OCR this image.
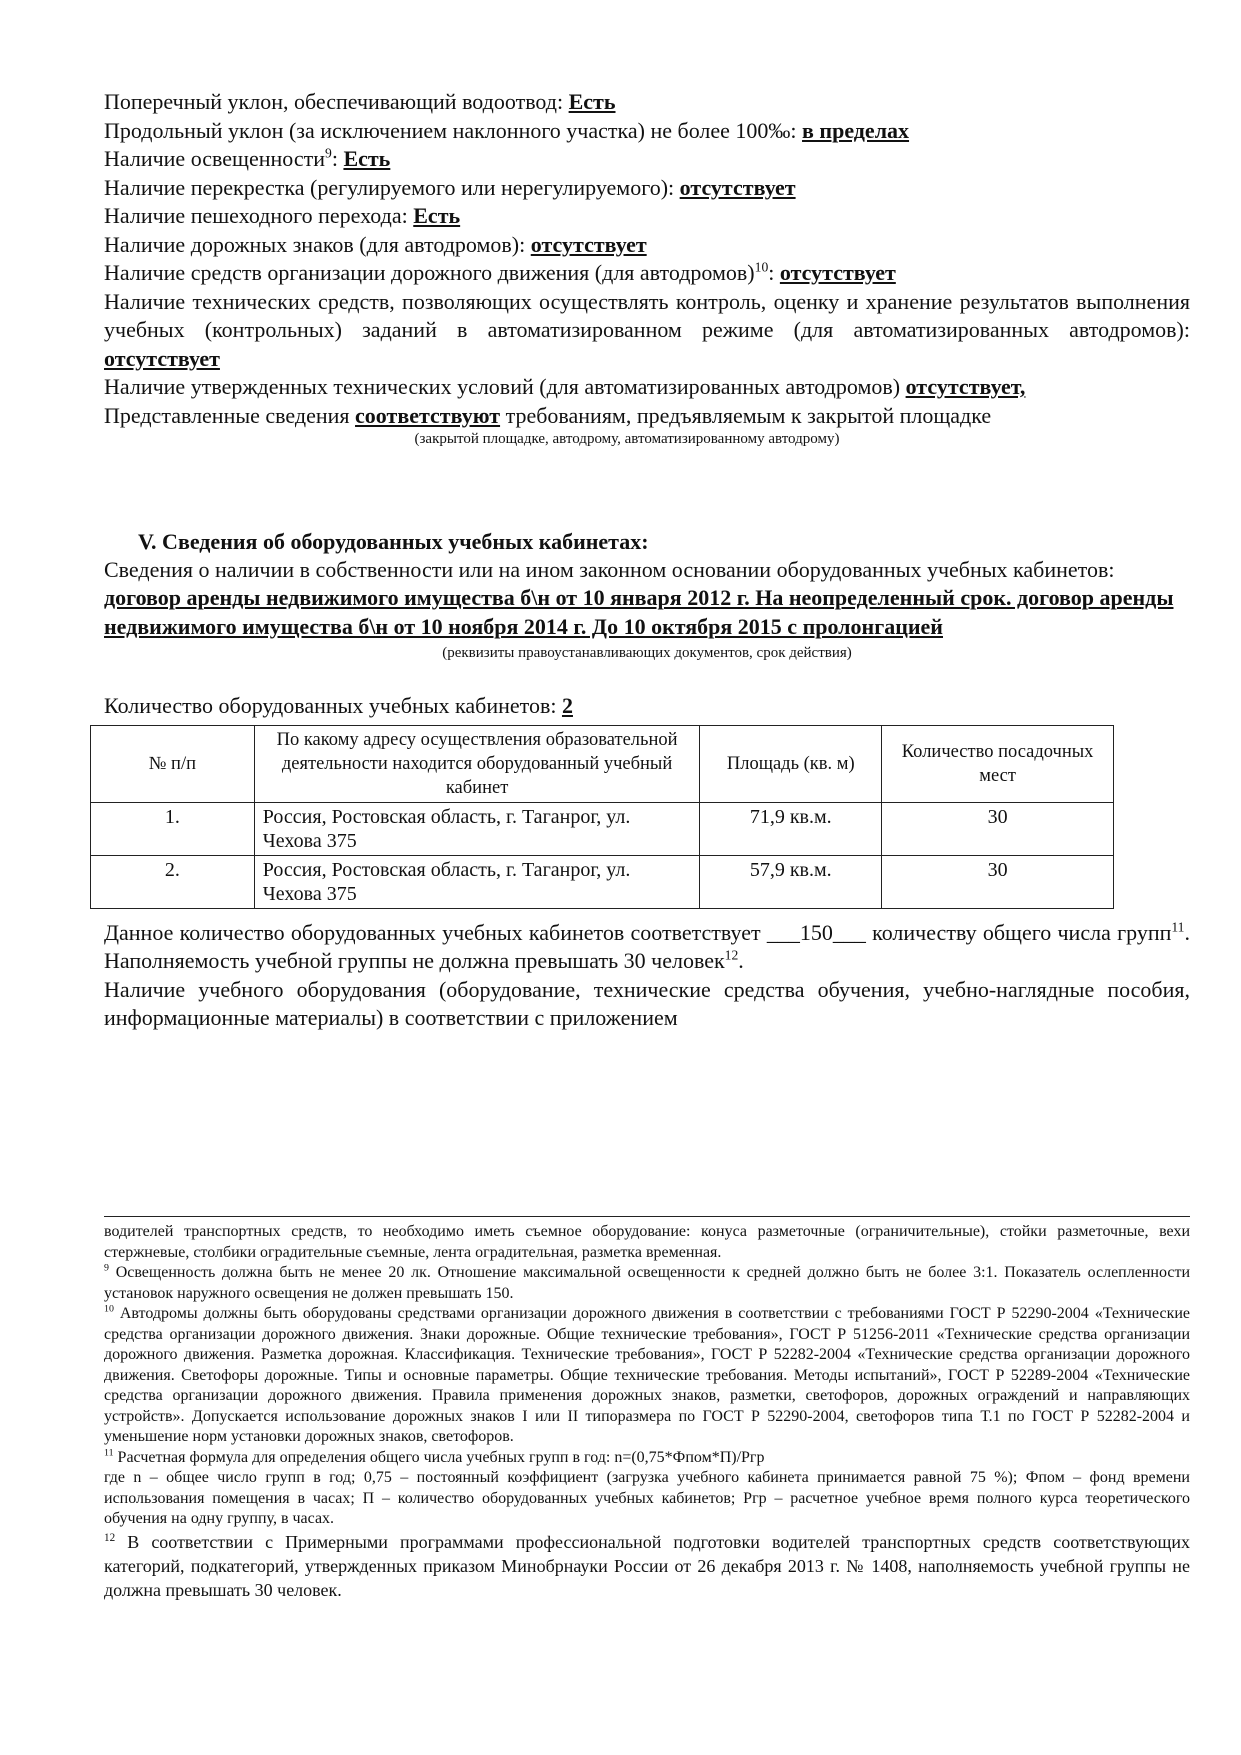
Поперечный уклон, обеспечивающий водоотвод: Есть
Продольный уклон (за исключением наклонного участка) не более 100‰: в пределах
Наличие освещенности$^9$: Есть
Наличие перекрестка (регулируемого или нерегулируемого): отсутствует
Наличие пешеходного перехода: Есть
Наличие дорожных знаков (для автодромов): отсутствует
Наличие средств организации дорожного движения (для автодромов)$^{10}$: отсутствует
Наличие технических средств, позволяющих осуществлять контроль, оценку и хранение результатов выполнения учебных (контрольных) заданий в автоматизированном режиме (для автоматизированных автодромов): отсутствует
Наличие утвержденных технических условий (для автоматизированных автодромов) отсутствует,
Представленные сведения соответствуют требованиям, предъявляемым к закрытой площадке
(закрытой площадке, автодрому, автоматизированному автодрому)
V. Сведения об оборудованных учебных кабинетах:
Сведения о наличии в собственности или на ином законном основании оборудованных учебных кабинетов: договор аренды недвижимого имущества б\н от 10 января 2012 г. На неопределенный срок. договор аренды недвижимого имущества б\н от 10 ноября 2014 г. До 10 октября 2015 с пролонгацией
(реквизиты правоустанавливающих документов, срок действия)
Количество оборудованных учебных кабинетов: 2
№ п/п	По какому адресу осуществления образовательной деятельности находится оборудованный учебный кабинет	Площадь (кв. м)	Количество посадочных мест
1.	Россия, Ростовская область, г. Таганрог, ул. Чехова 375	71,9 кв.м.	30
2.	Россия, Ростовская область, г. Таганрог, ул. Чехова 375	57,9 кв.м.	30
Данное количество оборудованных учебных кабинетов соответствует ___150___ количеству общего числа групп$^{11}$. Наполняемость учебной группы не должна превышать 30 человек$^{12}$.
Наличие учебного оборудования (оборудование, технические средства обучения, учебно-наглядные пособия, информационные материалы) в соответствии с приложением

водителей транспортных средств, то необходимо иметь съемное оборудование: конуса разметочные (ограничительные), стойки разметочные, вехи стержневые, столбики оградительные съемные, лента оградительная, разметка временная.

$^9$ Освещенность должна быть не менее 20 лк. Отношение максимальной освещенности к средней должно быть не более 3:1. Показатель ослепленности установок наружного освещения не должен превышать 150.

$^{10}$ Автодромы должны быть оборудованы средствами организации дорожного движения в соответствии с требованиями ГОСТ Р 52290-2004 «Технические средства организации дорожного движения. Знаки дорожные. Общие технические требования», ГОСТ Р 51256-2011 «Технические средства организации дорожного движения. Разметка дорожная. Классификация. Технические требования», ГОСТ Р 52282-2004 «Технические средства организации дорожного движения. Светофоры дорожные. Типы и основные параметры. Общие технические требования. Методы испытаний», ГОСТ Р 52289-2004 «Технические средства организации дорожного движения. Правила применения дорожных знаков, разметки, светофоров, дорожных ограждений и направляющих устройств». Допускается использование дорожных знаков I или II типоразмера по ГОСТ Р 52290-2004, светофоров типа Т.1 по ГОСТ Р 52282-2004 и уменьшение норм установки дорожных знаков, светофоров.

$^{11}$ Расчетная формула для определения общего числа учебных групп в год: n=(0,75*Фпом*П)/Ргр

где n – общее число групп в год; 0,75 – постоянный коэффициент (загрузка учебного кабинета принимается равной 75 %); Фпом – фонд времени использования помещения в часах; П – количество оборудованных учебных кабинетов; Pгр – расчетное учебное время полного курса теоретического обучения на одну группу, в часах.

$^{12}$ В соответствии с Примерными программами профессиональной подготовки водителей транспортных средств соответствующих категорий, подкатегорий, утвержденных приказом Минобрнауки России от 26 декабря 2013 г. № 1408, наполняемость учебной группы не должна превышать 30 человек.
